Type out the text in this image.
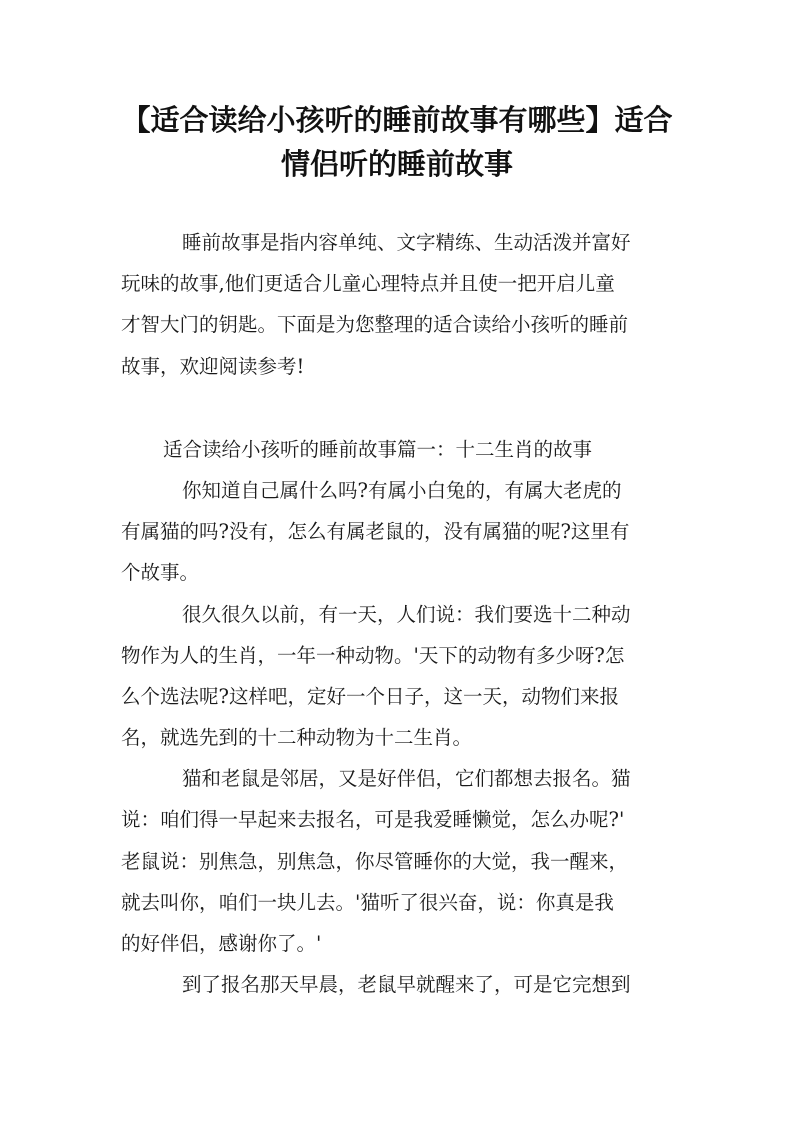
【适合读给小孩听的睡前故事有哪些】适合
情侣听的睡前故事
睡前故事是指内容单纯、文字精练、生动活泼并富好
玩味的故事,他们更适合儿童心理特点并且使一把开启儿童
才智大门的钥匙。下面是为您整理的适合读给小孩听的睡前
故事，欢迎阅读参考!
适合读给小孩听的睡前故事篇一：十二生肖的故事
你知道自己属什么吗?有属小白兔的，有属大老虎的
有属猫的吗?没有，怎么有属老鼠的，没有属猫的呢?这里有
个故事。
很久很久以前，有一天，人们说：我们要选十二种动
物作为人的生肖，一年一种动物。'天下的动物有多少呀?怎
么个选法呢?这样吧，定好一个日子，这一天，动物们来报
名，就选先到的十二种动物为十二生肖。
猫和老鼠是邻居，又是好伴侣，它们都想去报名。猫
说：咱们得一早起来去报名，可是我爱睡懒觉，怎么办呢?'
老鼠说：别焦急，别焦急，你尽管睡你的大觉，我一醒来，
就去叫你，咱们一块儿去。'猫听了很兴奋，说：你真是我
的好伴侣，感谢你了。'
到了报名那天早晨，老鼠早就醒来了，可是它完想到
